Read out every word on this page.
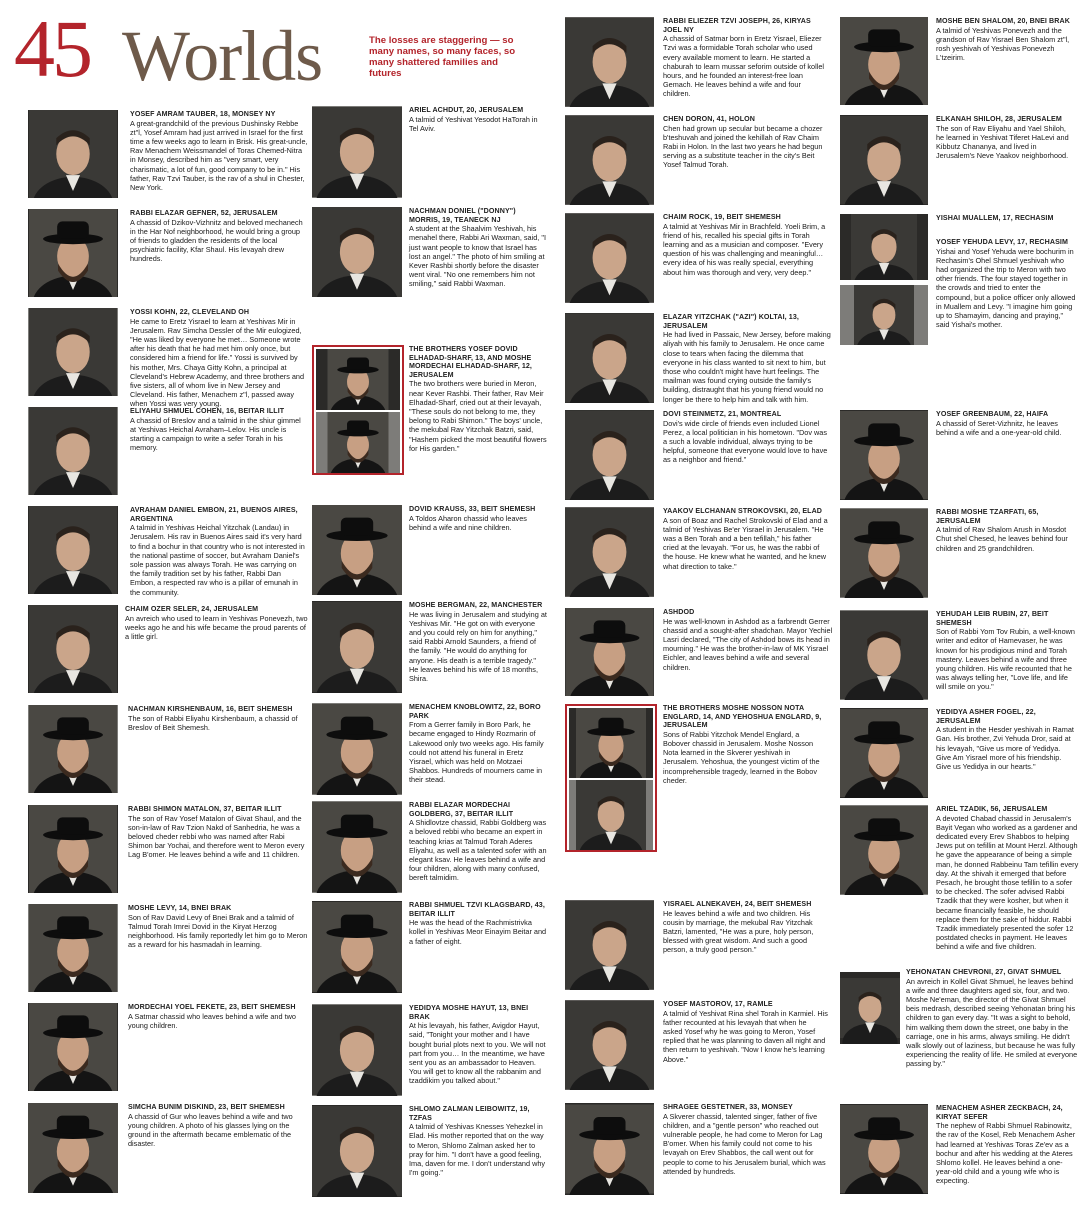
45 Worlds	The losses are staggering — so many names, so many faces, so many shattered families and futures
YOSEF AMRAM TAUBER, 18, MONSEY NY
A great-grandchild of the previous Dushinsky Rebbe zt"l, Yosef Amram had just arrived in Israel for the first time a few weeks ago to learn in Brisk. His great-uncle, Rav Menachem Weissmandel of Toras Chemed-Nitra in Monsey, described him as "very smart, very charismatic, a lot of fun, good company to be in." His father, Rav Tzvi Tauber, is the rav of a shul in Chester, New York.
RABBI ELAZAR GEFNER, 52, JERUSALEM
A chassid of Dzikov-Vizhnitz and beloved mechanech in the Har Nof neighborhood, he would bring a group of friends to gladden the residents of the local psychiatric facility, Kfar Shaul. His levayah drew hundreds.
YOSSI KOHN, 22, CLEVELAND OH
He came to Eretz Yisrael to learn at Yeshivas Mir in Jerusalem. Rav Simcha Dessler of the Mir eulogized, "He was liked by everyone he met… Someone wrote after his death that he had met him only once, but considered him a friend for life." Yossi is survived by his mother, Mrs. Chaya Gitty Kohn, a principal at Cleveland's Hebrew Academy, and three brothers and five sisters, all of whom live in New Jersey and Cleveland. His father, Menachem z"l, passed away when Yossi was very young.
ELIYAHU SHMUEL COHEN, 16, BEITAR ILLIT
A chassid of Breslov and a talmid in the shiur gimmel at Yeshivas Heichal Avraham–Lelov. His uncle is starting a campaign to write a sefer Torah in his memory.
AVRAHAM DANIEL EMBON, 21, BUENOS AIRES, ARGENTINA
A talmid in Yeshivas Heichal Yitzchak (Landau) in Jerusalem. His rav in Buenos Aires said it's very hard to find a bochur in that country who is not interested in the national pastime of soccer, but Avraham Daniel's sole passion was always Torah. He was carrying on the family tradition set by his father, Rabbi Dan Embon, a respected rav who is a pillar of emunah in the community.
CHAIM OZER SELER, 24, JERUSALEM
An avreich who used to learn in Yeshivas Ponevezh, two weeks ago he and his wife became the proud parents of a little girl.
NACHMAN KIRSHENBAUM, 16, BEIT SHEMESH
The son of Rabbi Eliyahu Kirshenbaum, a chassid of Breslov of Beit Shemesh.
RABBI SHIMON MATALON, 37, BEITAR ILLIT
The son of Rav Yosef Matalon of Givat Shaul, and the son-in-law of Rav Tzion Nakd of Sanhedria, he was a beloved cheder rebbi who was named after Rabi Shimon bar Yochai, and therefore went to Meron every Lag B'omer. He leaves behind a wife and 11 children.
MOSHE LEVY, 14, BNEI BRAK
Son of Rav David Levy of Bnei Brak and a talmid of Talmud Torah Imrei Dovid in the Kiryat Herzog neighborhood. His family reportedly let him go to Meron as a reward for his hasmadah in learning.
MORDECHAI YOEL FEKETE, 23, BEIT SHEMESH
A Satmar chassid who leaves behind a wife and two young children.
SIMCHA BUNIM DISKIND, 23, BEIT SHEMESH
A chassid of Gur who leaves behind a wife and two young children. A photo of his glasses lying on the ground in the aftermath became emblematic of the disaster.
ARIEL ACHDUT, 20, JERUSALEM
A talmid of Yeshivat Yesodot HaTorah in Tel Aviv.
NACHMAN DONIEL ("DONNY") MORRIS, 19, TEANECK NJ
A student at the Shaalvim Yeshivah, his menahel there, Rabbi Ari Waxman, said, "I just want people to know that Israel has lost an angel." The photo of him smiling at Kever Rashbi shortly before the disaster went viral. "No one remembers him not smiling," said Rabbi Waxman.
THE BROTHERS YOSEF DOVID ELHADAD-SHARF, 13, AND MOSHE MORDECHAI ELHADAD-SHARF, 12, JERUSALEM
The two brothers were buried in Meron, near Kever Rashbi. Their father, Rav Meir Elhadad-Sharf, cried out at their levayah, "These souls do not belong to me, they belong to Rabi Shimon." The boys' uncle, the mekubal Rav Yitzchak Batzri, said, "Hashem picked the most beautiful flowers for His garden."
DOVID KRAUSS, 33, BEIT SHEMESH
A Toldos Aharon chassid who leaves behind a wife and nine children.
MOSHE BERGMAN, 22, MANCHESTER
He was living in Jerusalem and studying at Yeshivas Mir. "He got on with everyone and you could rely on him for anything," said Rabbi Arnold Saunders, a friend of the family. "He would do anything for anyone. His death is a terrible tragedy." He leaves behind his wife of 18 months, Shira.
MENACHEM KNOBLOWITZ, 22, BORO PARK
From a Gerrer family in Boro Park, he became engaged to Hindy Rozmarin of Lakewood only two weeks ago. His family could not attend his funeral in Eretz Yisrael, which was held on Motzaei Shabbos. Hundreds of mourners came in their stead.
RABBI ELAZAR MORDECHAI GOLDBERG, 37, BEITAR ILLIT
A Shidlovtze chassid, Rabbi Goldberg was a beloved rebbi who became an expert in teaching krias at Talmud Torah Aderes Eliyahu, as well as a talented sofer with an elegant ksav. He leaves behind a wife and four children, along with many confused, bereft talmidim.
RABBI SHMUEL TZVI KLAGSBARD, 43, BEITAR ILLIT
He was the head of the Rachmistrivka kollel in Yeshivas Meor Einayim Beitar and a father of eight.
YEDIDYA MOSHE HAYUT, 13, BNEI BRAK
At his levayah, his father, Avigdor Hayut, said, "Tonight your mother and I have bought burial plots next to you. We will not part from you… In the meantime, we have sent you as an ambassador to Heaven. You will get to know all the rabbanim and tzaddikim you talked about."
SHLOMO ZALMAN LEIBOWITZ, 19, TZFAS
A talmid of Yeshivas Knesses Yehezkel in Elad. His mother reported that on the way to Meron, Shlomo Zalman asked her to pray for him. "I don't have a good feeling, Ima, daven for me. I don't understand why I'm going."
RABBI ELIEZER TZVI JOSEPH, 26, KIRYAS JOEL NY
A chassid of Satmar born in Eretz Yisrael, Eliezer Tzvi was a formidable Torah scholar who used every available moment to learn. He started a chaburah to learn mussar seforim outside of kollel hours, and he founded an interest-free loan Gemach. He leaves behind a wife and four children.
CHEN DORON, 41, HOLON
Chen had grown up secular but became a chozer b'teshuvah and joined the kehillah of Rav Chaim Rabi in Holon. In the last two years he had begun serving as a substitute teacher in the city's Beit Yosef Talmud Torah.
CHAIM ROCK, 19, BEIT SHEMESH
A talmid at Yeshivas Mir in Brachfeld. Yoeli Brim, a friend of his, recalled his special gifts in Torah learning and as a musician and composer. "Every question of his was challenging and meaningful… every idea of his was really special, everything about him was thorough and very, very deep."
ELAZAR YITZCHAK ("AZI") KOLTAI, 13, JERUSALEM
He had lived in Passaic, New Jersey, before making aliyah with his family to Jerusalem. He once came close to tears when facing the dilemma that everyone in his class wanted to sit next to him, but those who couldn't might have hurt feelings. The mailman was found crying outside the family's building, distraught that his young friend would no longer be there to help him and talk with him.
DOVI STEINMETZ, 21, MONTREAL
Dovi's wide circle of friends even included Lionel Perez, a local politician in his hometown. "Dov was a such a lovable individual, always trying to be helpful, someone that everyone would love to have as a neighbor and friend."
YAAKOV ELCHANAN STROKOVSKI, 20, ELAD
A son of Boaz and Rachel Strokovski of Elad and a talmid of Yeshivas Be'er Yisrael in Jerusalem. "He was a Ben Torah and a ben tefillah," his father cried at the levayah. "For us, he was the rabbi of the house. He knew what he wanted, and he knew what direction to take."
ASHDOD
He was well-known in Ashdod as a farbrendt Gerrer chassid and a sought-after shadchan. Mayor Yechiel Lasri declared, "The city of Ashdod bows its head in mourning." He was the brother-in-law of MK Yisrael Eichler, and leaves behind a wife and several children.
THE BROTHERS MOSHE NOSSON NOTA ENGLARD, 14, AND YEHOSHUA ENGLARD, 9, JERUSALEM
Sons of Rabbi Yitzchok Mendel Englard, a Bobover chassid in Jerusalem. Moshe Nosson Nota learned in the Skverer yeshivah in Jerusalem. Yehoshua, the youngest victim of the incomprehensible tragedy, learned in the Bobov cheder.
YISRAEL ALNEKAVEH, 24, BEIT SHEMESH
He leaves behind a wife and two children. His cousin by marriage, the mekubal Rav Yitzchak Batzri, lamented, "He was a pure, holy person, blessed with great wisdom. And such a good person, a truly good person."
YOSEF MASTOROV, 17, RAMLE
A talmid of Yeshivat Rina shel Torah in Karmiel. His father recounted at his levayah that when he asked Yosef why he was going to Meron, Yosef replied that he was planning to daven all night and then return to yeshivah. "Now I know he's learning Above."
SHRAGEE GESTETNER, 33, MONSEY
A Skverer chassid, talented singer, father of five children, and a "gentle person" who reached out vulnerable people, he had come to Meron for Lag B'omer. When his family could not come to his levayah on Erev Shabbos, the call went out for people to come to his Jerusalem burial, which was attended by hundreds.
MOSHE BEN SHALOM, 20, BNEI BRAK
A talmid of Yeshivas Ponevezh and the grandson of Rav Yisrael Ben Shalom zt"l, rosh yeshivah of Yeshivas Ponevezh L'tzeirim.
ELKANAH SHILOH, 28, JERUSALEM
The son of Rav Eliyahu and Yael Shiloh, he learned in Yeshivat Tiferet HaLevi and Kibbutz Chananya, and lived in Jerusalem's Neve Yaakov neighborhood.
YISHAI MUALLEM, 17, RECHASIM
YOSEF YEHUDA LEVY, 17, RECHASIM
Yishai and Yosef Yehuda were bochurim in Rechasim's Ohel Shmuel yeshivah who had organized the trip to Meron with two other friends. The four stayed together in the crowds and tried to enter the compound, but a police officer only allowed in Muallem and Levy. "I imagine him going up to Shamayim, dancing and praying," said Yishai's mother.
YOSEF GREENBAUM, 22, HAIFA
A chassid of Seret-Vizhnitz, he leaves behind a wife and a one-year-old child.
RABBI MOSHE TZARFATI, 65, JERUSALEM
A talmid of Rav Shalom Arush in Mosdot Chut shel Chesed, he leaves behind four children and 25 grandchildren.
YEHUDAH LEIB RUBIN, 27, BEIT SHEMESH
Son of Rabbi Yom Tov Rubin, a well-known writer and editor of Hamevaser, he was known for his prodigious mind and Torah mastery. Leaves behind a wife and three young children. His wife recounted that he was always telling her, "Love life, and life will smile on you."
YEDIDYA ASHER FOGEL, 22, JERUSALEM
A student in the Hesder yeshivah in Ramat Gan. His brother, Zvi Yehuda Dror, said at his levayah, "Give us more of Yedidya. Give Am Yisrael more of his friendship. Give us Yedidya in our hearts."
ARIEL TZADIK, 56, JERUSALEM
A devoted Chabad chassid in Jerusalem's Bayit Vegan who worked as a gardener and dedicated every Erev Shabbos to helping Jews put on tefillin at Mount Herzl. Although he gave the appearance of being a simple man, he donned Rabbeinu Tam tefillin every day. At the shivah it emerged that before Pesach, he brought those tefillin to a sofer to be checked. The sofer advised Rabbi Tzadik that they were kosher, but when it became financially feasible, he should replace them for the sake of hiddur. Rabbi Tzadik immediately presented the sofer 12 postdated checks in payment. He leaves behind a wife and five children.
YEHONATAN CHEVRONI, 27, GIVAT SHMUEL
An avreich in Kollel Givat Shmuel, he leaves behind a wife and three daughters aged six, four, and two. Moshe Ne'eman, the director of the Givat Shmuel beis medrash, described seeing Yehonatan bring his children to gan every day. "It was a sight to behold, him walking them down the street, one baby in the carriage, one in his arms, always smiling. He didn't walk slowly out of laziness, but because he was fully experiencing the reality of life. He smiled at everyone passing by."
MENACHEM ASHER ZECKBACH, 24, KIRYAT SEFER
The nephew of Rabbi Shmuel Rabinowitz, the rav of the Kosel, Reb Menachem Asher had learned at Yeshivas Toras Ze'ev as a bochur and after his wedding at the Ateres Shlomo kollel. He leaves behind a one-year-old child and a young wife who is expecting.
